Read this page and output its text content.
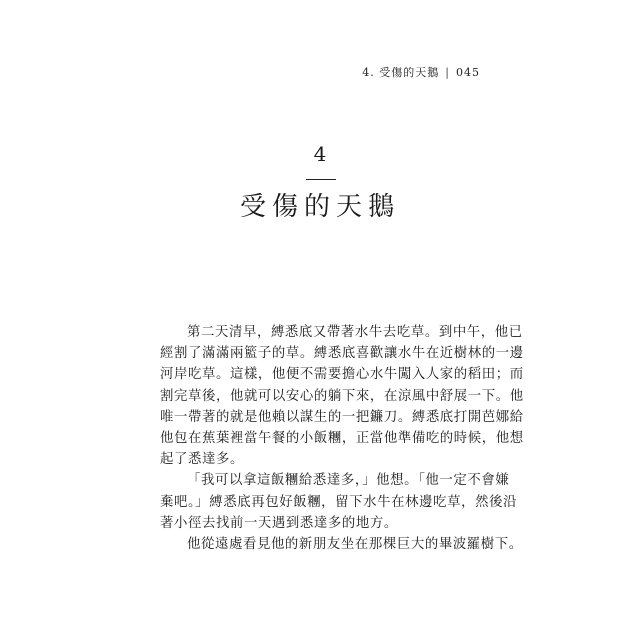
4. 受傷的天鵝 | 045
4
受傷的天鵝

第二天清早，縛悉底又帶著水牛去吃草。到中午，他已
經割了滿滿兩籃子的草。縛悉底喜歡讓水牛在近樹林的一邊
河岸吃草。這樣，他便不需要擔心水牛闖入人家的稻田；而
割完草後，他就可以安心的躺下來，在涼風中舒展一下。他
唯一帶著的就是他賴以謀生的一把鐮刀。縛悉底打開芭娜給
他包在蕉葉裡當午餐的小飯糰，正當他準備吃的時候，他想
起了悉達多。

「我可以拿這飯糰給悉達多，」他想。「他一定不會嫌
棄吧。」縛悉底再包好飯糰，留下水牛在林邊吃草，然後沿
著小徑去找前一天遇到悉達多的地方。

他從遠處看見他的新朋友坐在那棵巨大的畢波羅樹下。
